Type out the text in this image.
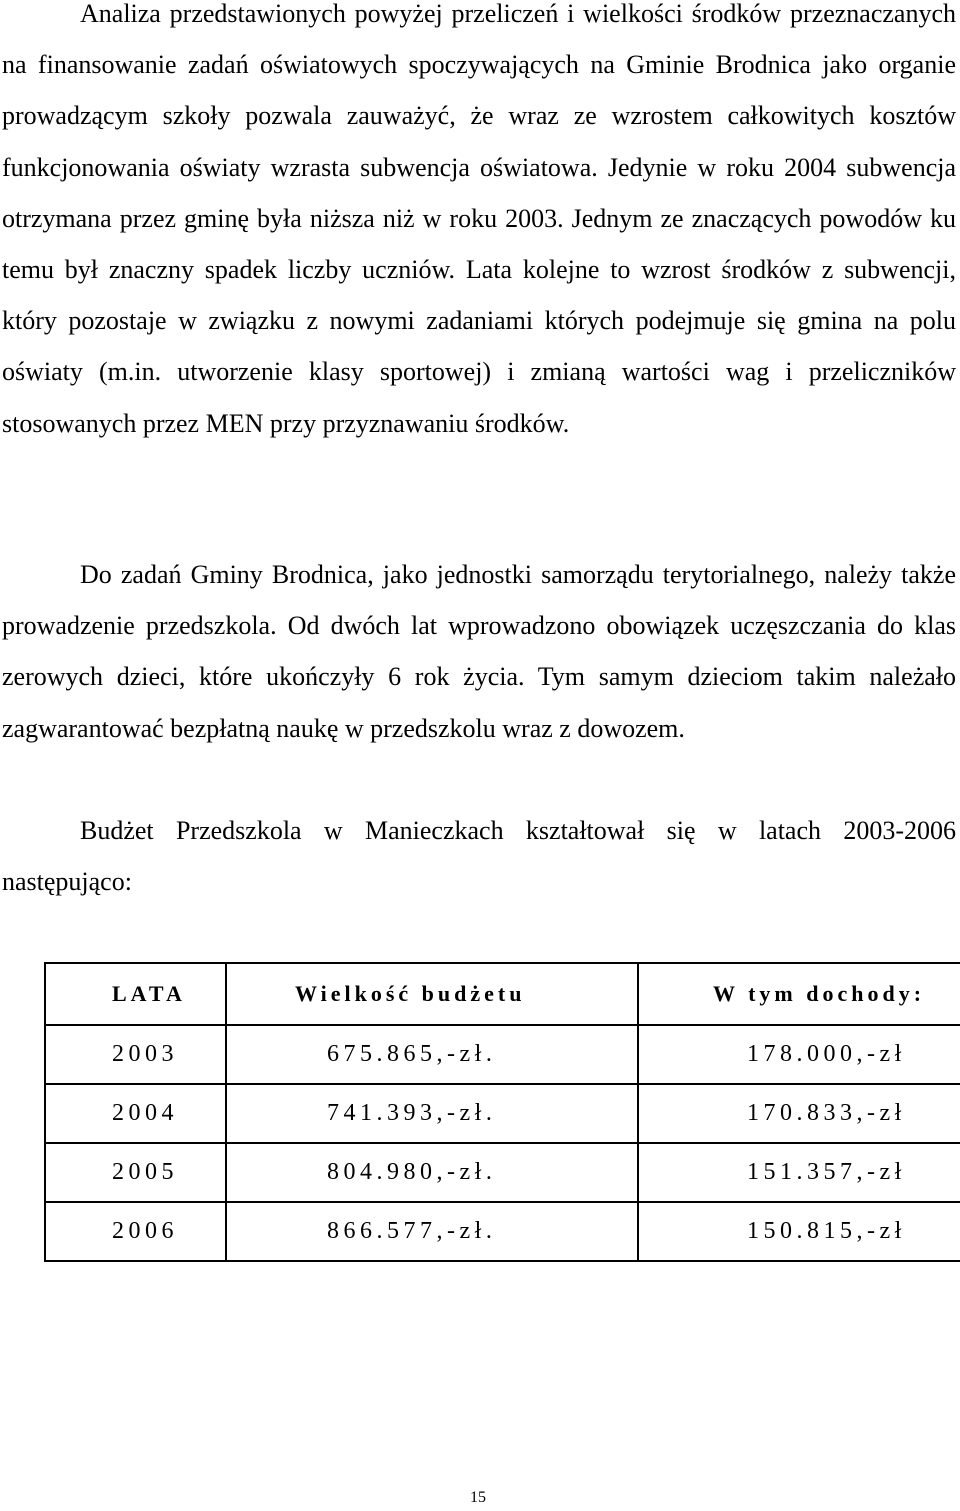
Analiza przedstawionych powyżej przeliczeń i wielkości środków przeznaczanych na finansowanie zadań oświatowych spoczywających na Gminie Brodnica jako organie prowadzącym szkoły pozwala zauważyć, że wraz ze wzrostem całkowitych kosztów funkcjonowania oświaty wzrasta subwencja oświatowa. Jedynie w roku 2004 subwencja otrzymana przez gminę była niższa niż w roku 2003. Jednym ze znaczących powodów ku temu był znaczny spadek liczby uczniów. Lata kolejne to wzrost środków z subwencji, który pozostaje w związku z nowymi zadaniami których podejmuje się gmina na polu oświaty (m.in. utworzenie klasy sportowej) i zmianą wartości wag i przeliczników stosowanych przez MEN przy przyznawaniu środków.

Do zadań Gminy Brodnica, jako jednostki samorządu terytorialnego, należy także prowadzenie przedszkola. Od dwóch lat wprowadzono obowiązek uczęszczania do klas zerowych dzieci, które ukończyły 6 rok życia. Tym samym dzieciom takim należało zagwarantować bezpłatną naukę w przedszkolu wraz z dowozem.

Budżet Przedszkola w Manieczkach kształtował się w latach 2003-2006 następująco:

LATA	Wielkość budżetu	W tym dochody:
2003	675.865,-zł.	178.000,-zł
2004	741.393,-zł.	170.833,-zł
2005	804.980,-zł.	151.357,-zł
2006	866.577,-zł.	150.815,-zł
15
